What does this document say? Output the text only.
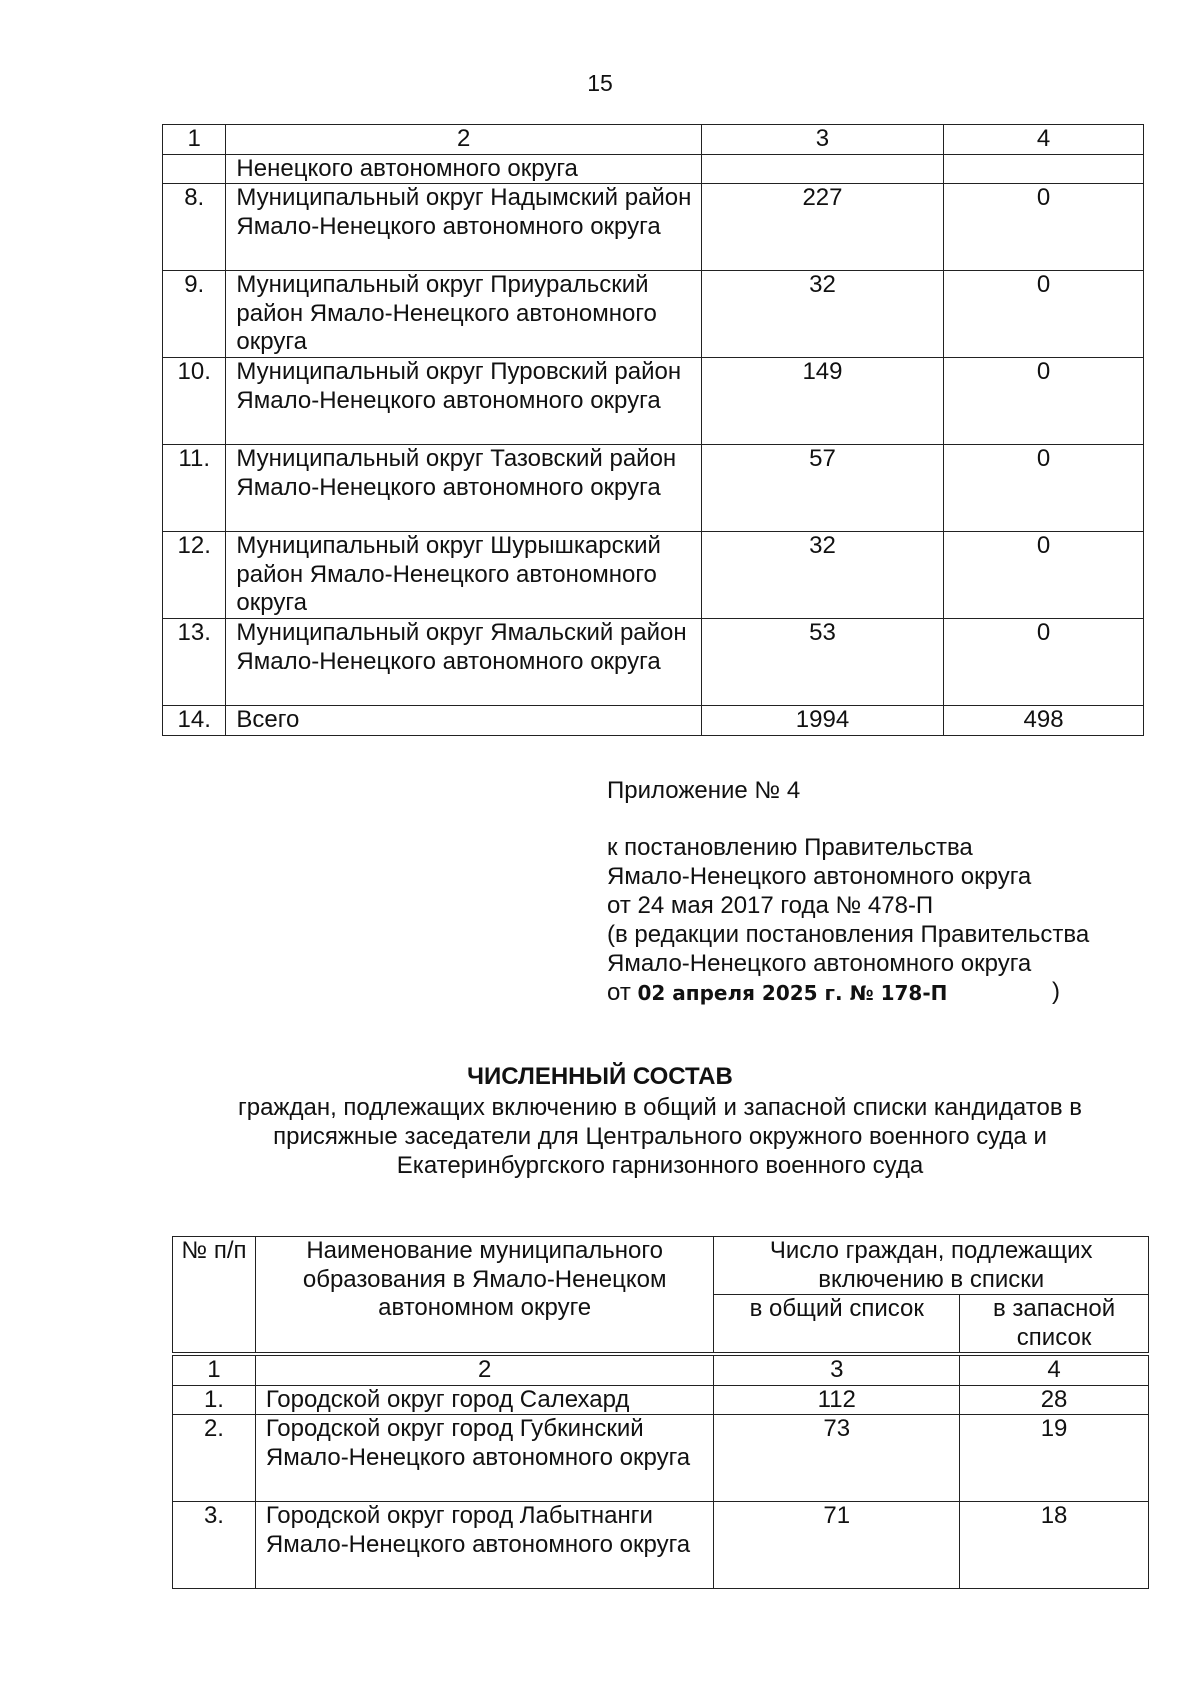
15
1	2	3	4
	Ненецкого автономного округа		
8.	Муниципальный округ Надымский район Ямало-Ненецкого автономного округа	227	0
9.	Муниципальный округ Приуральский район Ямало-Ненецкого автономного округа	32	0
10.	Муниципальный округ Пуровский район Ямало-Ненецкого автономного округа	149	0
11.	Муниципальный округ Тазовский район Ямало-Ненецкого автономного округа	57	0
12.	Муниципальный округ Шурышкарский район Ямало-Ненецкого автономного округа	32	0
13.	Муниципальный округ Ямальский район Ямало-Ненецкого автономного округа	53	0
14.	Всего	1994	498
Приложение № 4
к постановлению Правительства
Ямало-Ненецкого автономного округа
от 24 мая 2017 года № 478-П
(в редакции постановления Правительства
Ямало-Ненецкого автономного округа
от 02 апреля 2025 г. № 178-П	)
ЧИСЛЕННЫЙ СОСТАВ
граждан, подлежащих включению в общий и запасной списки кандидатов в присяжные заседатели для Центрального окружного военного суда и Екатеринбургского гарнизонного военного суда
№ п/п	Наименование муниципального образования в Ямало-Ненецком автономном округе	Число граждан, подлежащих включению в списки	
		в общий список	в запасной список

1	2	3	4
1.	Городской округ город Салехард	112	28
2.	Городской округ город Губкинский Ямало-Ненецкого автономного округа	73	19
3.	Городской округ город Лабытнанги Ямало-Ненецкого автономного округа	71	18
